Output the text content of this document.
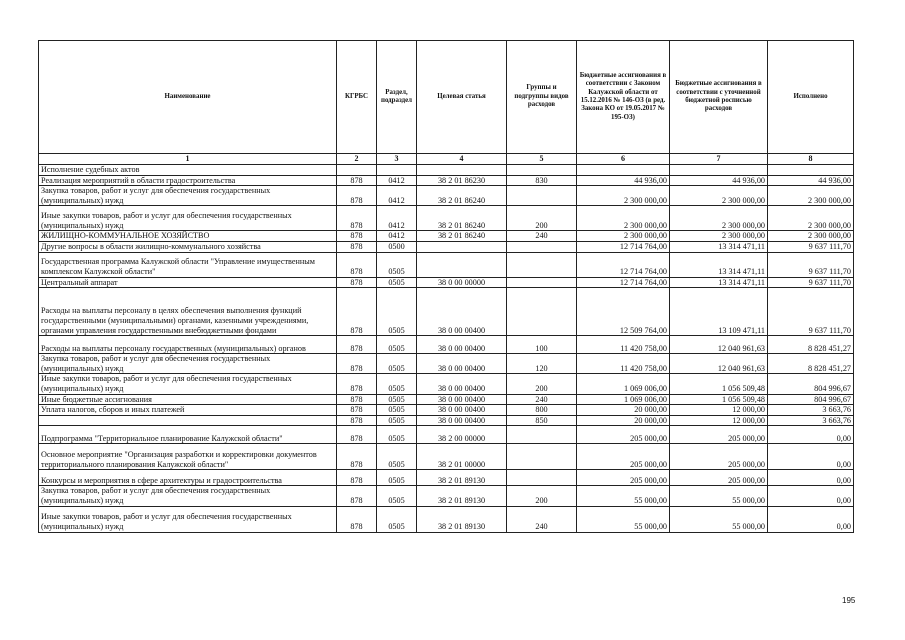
Наименование	КГРБС	Раздел, подраздел	Целевая статья	Группы и подгруппы видов расходов	Бюджетные ассигнования в соответствии с Законом Калужской области от 15.12.2016 № 146-ОЗ (в ред. Закона КО от 19.05.2017 № 195-ОЗ)	Бюджетные ассигнования в соответствии с уточненной бюджетной росписью расходов	Исполнено
1	2	3	4	5	6	7	8
Исполнение судебных актов							
Реализация мероприятий в области градостроительства	878	0412	38 2 01 86230	830	44 936,00	44 936,00	44 936,00
Закупка товаров, работ и услуг для обеспечения государственных (муниципальных) нужд	878	0412	38 2 01 86240		2 300 000,00	2 300 000,00	2 300 000,00
Иные закупки товаров, работ и услуг для обеспечения государственных (муниципальных) нужд	878	0412	38 2 01 86240	200	2 300 000,00	2 300 000,00	2 300 000,00
ЖИЛИЩНО-КОММУНАЛЬНОЕ ХОЗЯЙСТВО	878	0412	38 2 01 86240	240	2 300 000,00	2 300 000,00	2 300 000,00
Другие вопросы в области жилищно-коммунального хозяйства	878	0500			12 714 764,00	13 314 471,11	9 637 111,70
Государственная программа Калужской области "Управление имущественным комплексом Калужской области"	878	0505			12 714 764,00	13 314 471,11	9 637 111,70
Центральный аппарат	878	0505	38 0 00 00000		12 714 764,00	13 314 471,11	9 637 111,70
Расходы на выплаты персоналу в целях обеспечения выполнения функций государственными (муниципальными) органами, казенными учреждениями, органами управления государственными внебюджетными фондами	878	0505	38 0 00 00400		12 509 764,00	13 109 471,11	9 637 111,70
Расходы на выплаты персоналу государственных (муниципальных) органов	878	0505	38 0 00 00400	100	11 420 758,00	12 040 961,63	8 828 451,27
Закупка товаров, работ и услуг для обеспечения государственных (муниципальных) нужд	878	0505	38 0 00 00400	120	11 420 758,00	12 040 961,63	8 828 451,27
Иные закупки товаров, работ и услуг для обеспечения государственных (муниципальных) нужд	878	0505	38 0 00 00400	200	1 069 006,00	1 056 509,48	804 996,67
Иные бюджетные ассигнования	878	0505	38 0 00 00400	240	1 069 006,00	1 056 509,48	804 996,67
Уплата налогов, сборов и иных платежей	878	0505	38 0 00 00400	800	20 000,00	12 000,00	3 663,76
	878	0505	38 0 00 00400	850	20 000,00	12 000,00	3 663,76
Подпрограмма "Территориальное планирование Калужской области"	878	0505	38 2 00 00000		205 000,00	205 000,00	0,00
Основное мероприятие "Организация разработки и корректировки документов территориального планирования Калужской области"	878	0505	38 2 01 00000		205 000,00	205 000,00	0,00
Конкурсы и мероприятия в сфере архитектуры и градостроительства	878	0505	38 2 01 89130		205 000,00	205 000,00	0,00
Закупка товаров, работ и услуг для обеспечения государственных (муниципальных) нужд	878	0505	38 2 01 89130	200	55 000,00	55 000,00	0,00
Иные закупки товаров, работ и услуг для обеспечения государственных (муниципальных) нужд	878	0505	38 2 01 89130	240	55 000,00	55 000,00	0,00
195
